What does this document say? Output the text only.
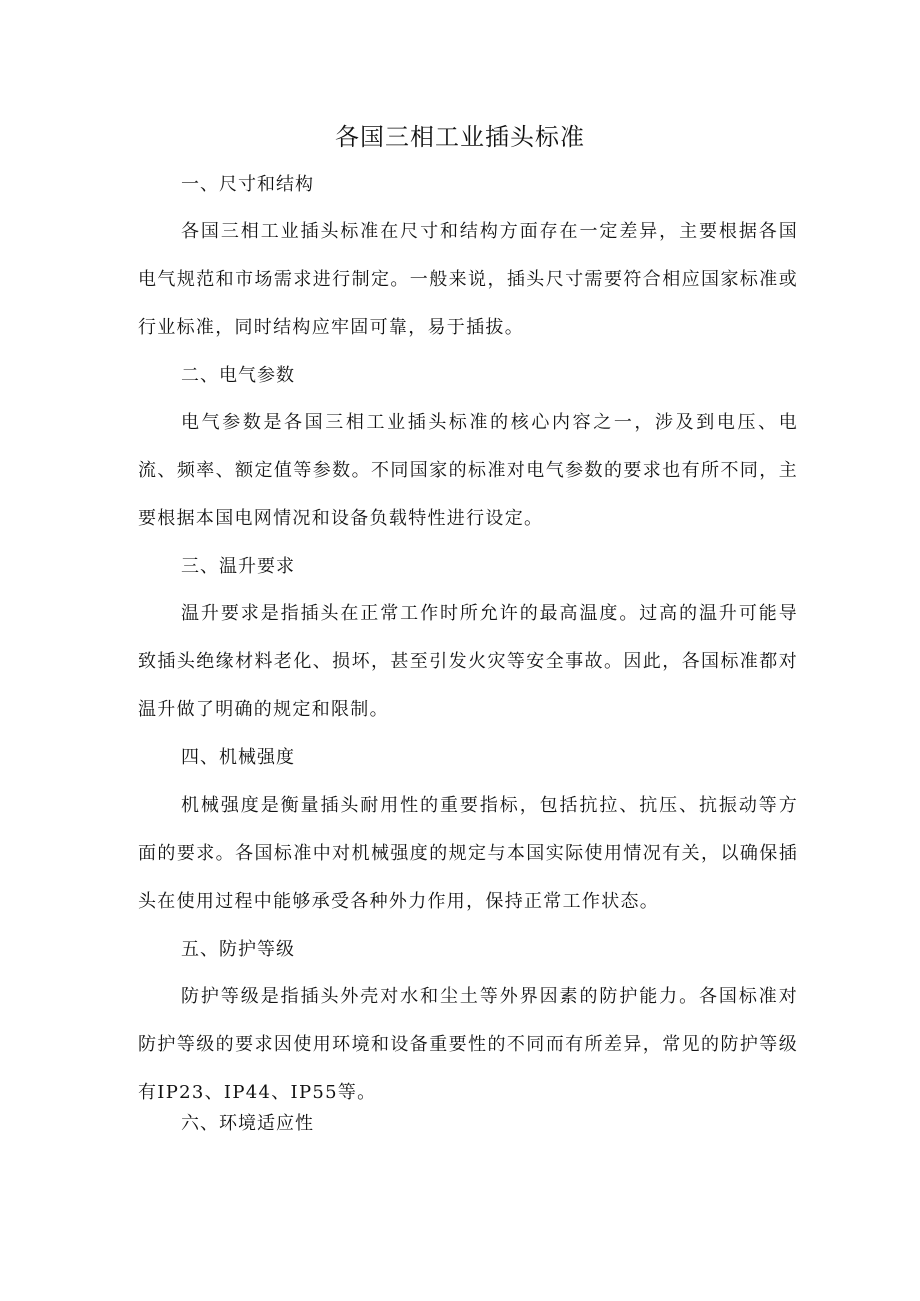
各国三相工业插头标准
一、尺寸和结构
各国三相工业插头标准在尺寸和结构方面存在一定差异，主要根据各国电气规范和市场需求进行制定。一般来说，插头尺寸需要符合相应国家标准或行业标准，同时结构应牢固可靠，易于插拔。
二、电气参数
电气参数是各国三相工业插头标准的核心内容之一，涉及到电压、电流、频率、额定值等参数。不同国家的标准对电气参数的要求也有所不同，主要根据本国电网情况和设备负载特性进行设定。
三、温升要求
温升要求是指插头在正常工作时所允许的最高温度。过高的温升可能导致插头绝缘材料老化、损坏，甚至引发火灾等安全事故。因此，各国标准都对温升做了明确的规定和限制。
四、机械强度
机械强度是衡量插头耐用性的重要指标，包括抗拉、抗压、抗振动等方面的要求。各国标准中对机械强度的规定与本国实际使用情况有关，以确保插头在使用过程中能够承受各种外力作用，保持正常工作状态。
五、防护等级
防护等级是指插头外壳对水和尘土等外界因素的防护能力。各国标准对防护等级的要求因使用环境和设备重要性的不同而有所差异，常见的防护等级有IP23、IP44、IP55等。
六、环境适应性
